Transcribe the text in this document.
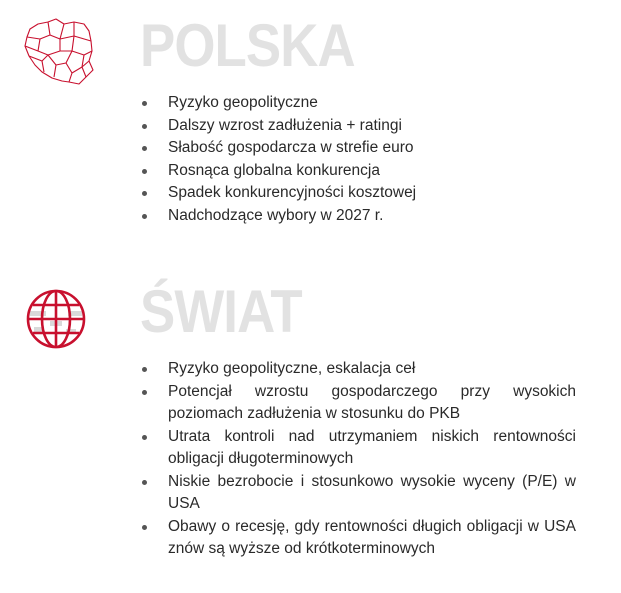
POLSKA
Ryzyko geopolityczne
Dalszy wzrost zadłużenia + ratingi
Słabość gospodarcza w strefie euro
Rosnąca globalna konkurencja
Spadek konkurencyjności kosztowej
Nadchodzące wybory w 2027 r.
ŚWIAT
Ryzyko geopolityczne, eskalacja ceł
Potencjał wzrostu gospodarczego przy wysokich poziomach zadłużenia w stosunku do PKB
Utrata kontroli nad utrzymaniem niskich rentowności obligacji długoterminowych
Niskie bezrobocie i stosunkowo wysokie wyceny (P/E) w USA
Obawy o recesję, gdy rentowności długich obligacji w USA znów są wyższe od krótkoterminowych
